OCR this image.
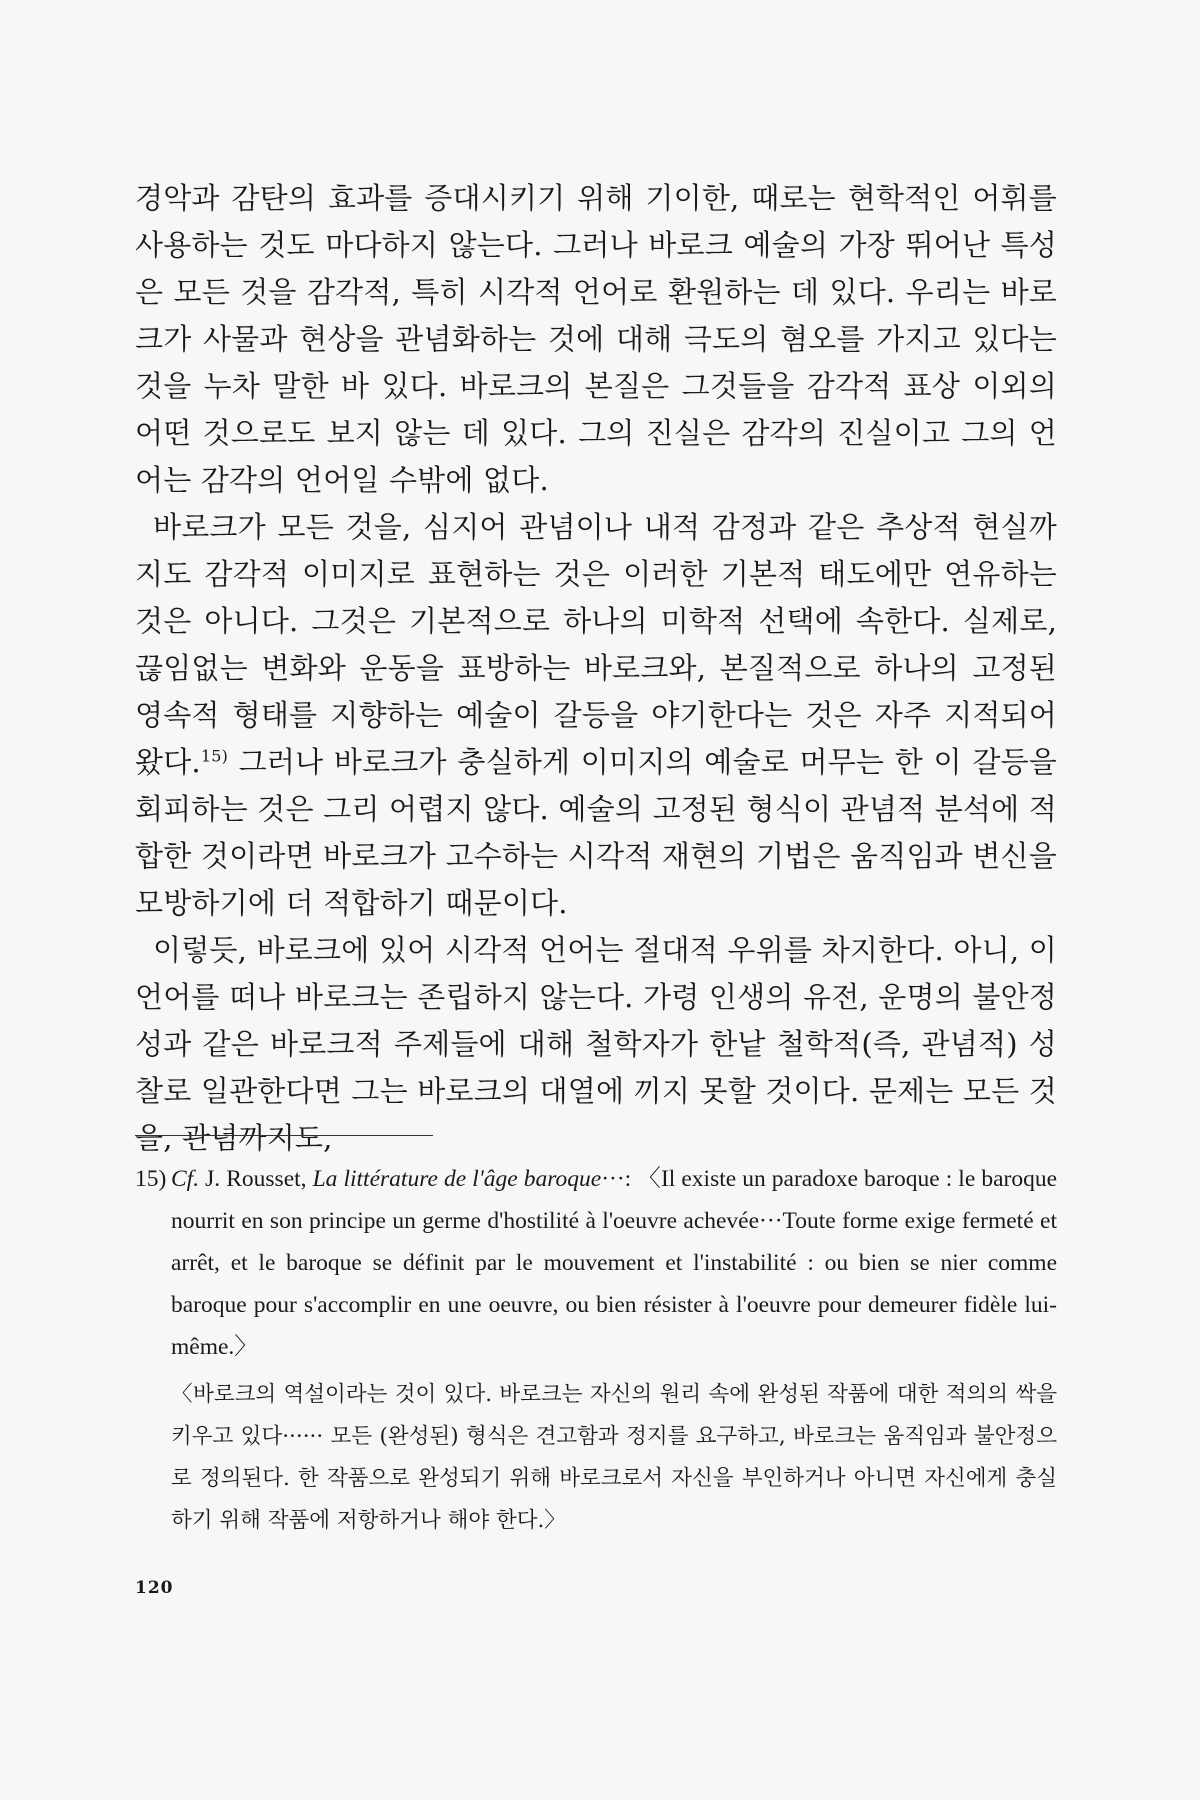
경악과 감탄의 효과를 증대시키기 위해 기이한, 때로는 현학적인 어휘를 사용하는 것도 마다하지 않는다. 그러나 바로크 예술의 가장 뛰어난 특성은 모든 것을 감각적, 특히 시각적 언어로 환원하는 데 있다. 우리는 바로크가 사물과 현상을 관념화하는 것에 대해 극도의 혐오를 가지고 있다는 것을 누차 말한 바 있다. 바로크의 본질은 그것들을 감각적 표상 이외의 어떤 것으로도 보지 않는 데 있다. 그의 진실은 감각의 진실이고 그의 언어는 감각의 언어일 수밖에 없다.

바로크가 모든 것을, 심지어 관념이나 내적 감정과 같은 추상적 현실까지도 감각적 이미지로 표현하는 것은 이러한 기본적 태도에만 연유하는 것은 아니다. 그것은 기본적으로 하나의 미학적 선택에 속한다. 실제로, 끊임없는 변화와 운동을 표방하는 바로크와, 본질적으로 하나의 고정된 영속적 형태를 지향하는 예술이 갈등을 야기한다는 것은 자주 지적되어 왔다.$^{15)}$ 그러나 바로크가 충실하게 이미지의 예술로 머무는 한 이 갈등을 회피하는 것은 그리 어렵지 않다. 예술의 고정된 형식이 관념적 분석에 적합한 것이라면 바로크가 고수하는 시각적 재현의 기법은 움직임과 변신을 모방하기에 더 적합하기 때문이다.

이렇듯, 바로크에 있어 시각적 언어는 절대적 우위를 차지한다. 아니, 이 언어를 떠나 바로크는 존립하지 않는다. 가령 인생의 유전, 운명의 불안정성과 같은 바로크적 주제들에 대해 철학자가 한낱 철학적(즉, 관념적) 성찰로 일관한다면 그는 바로크의 대열에 끼지 못할 것이다. 문제는 모든 것을, 관념까지도,

15) Cf. J. Rousset, La littérature de l'âge baroque···: 〈Il existe un paradoxe baroque : le baroque nourrit en son principe un germe d'hostilité à l'oeuvre achevée···Toute forme exige fermeté et arrêt, et le baroque se définit par le mouvement et l'instabilité : ou bien se nier comme baroque pour s'accomplir en une oeuvre, ou bien résister à l'oeuvre pour demeurer fidèle lui-même.〉

〈바로크의 역설이라는 것이 있다. 바로크는 자신의 원리 속에 완성된 작품에 대한 적의의 싹을 키우고 있다······ 모든 (완성된) 형식은 견고함과 정지를 요구하고, 바로크는 움직임과 불안정으로 정의된다. 한 작품으로 완성되기 위해 바로크로서 자신을 부인하거나 아니면 자신에게 충실하기 위해 작품에 저항하거나 해야 한다.〉

120
